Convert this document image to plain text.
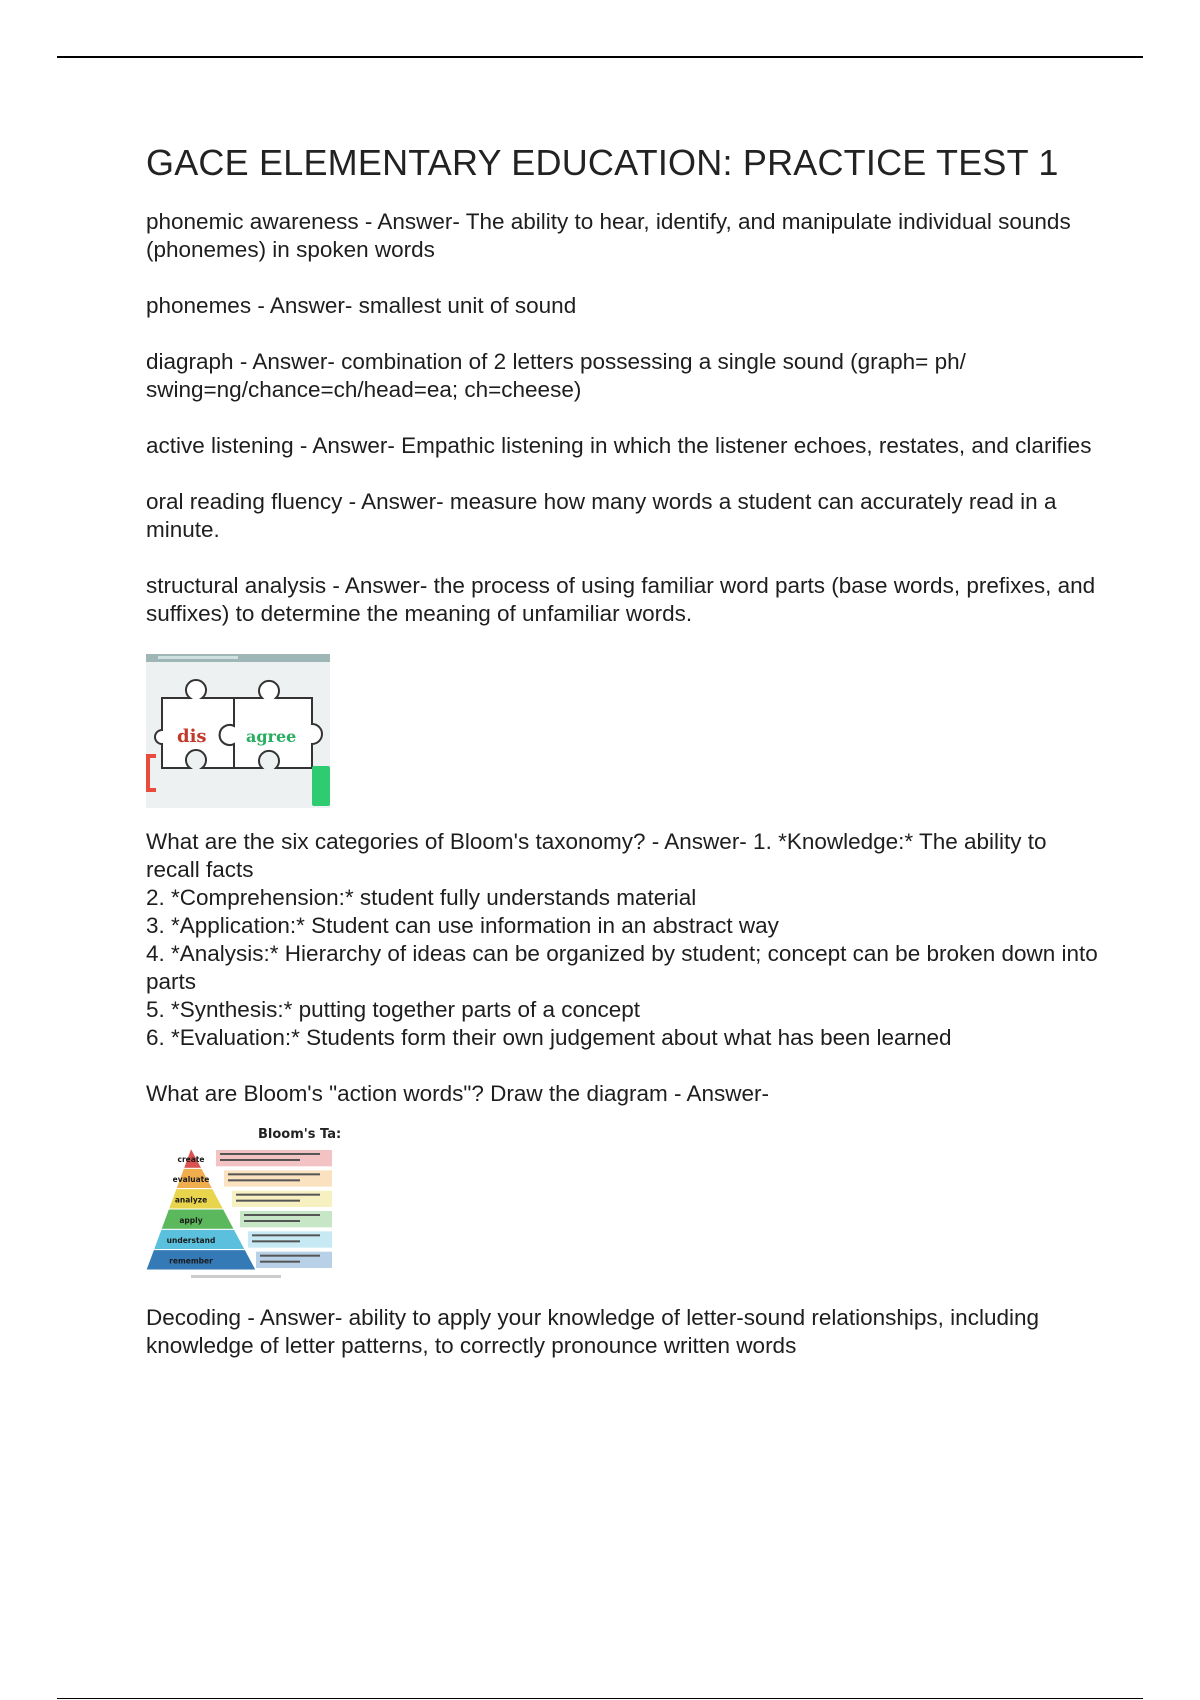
GACE ELEMENTARY EDUCATION: PRACTICE TEST 1

phonemic awareness - Answer- The ability to hear, identify, and manipulate individual sounds (phonemes) in spoken words

phonemes - Answer- smallest unit of sound

diagraph - Answer- combination of 2 letters possessing a single sound (graph= ph/ swing=ng/chance=ch/head=ea; ch=cheese)

active listening - Answer- Empathic listening in which the listener echoes, restates, and clarifies

oral reading fluency - Answer- measure how many words a student can accurately read in a minute.

structural analysis - Answer- the process of using familiar word parts (base words, prefixes, and suffixes) to determine the meaning of unfamiliar words.

dis agree

What are the six categories of Bloom's taxonomy? - Answer- 1. *Knowledge:* The ability to recall facts
2. *Comprehension:* student fully understands material
3. *Application:* Student can use information in an abstract way
4. *Analysis:* Hierarchy of ideas can be organized by student; concept can be broken down into parts
5. *Synthesis:* putting together parts of a concept
6. *Evaluation:* Students form their own judgement about what has been learned

What are Bloom's "action words"? Draw the diagram - Answer-

Bloom's Ta:
create
evaluate
analyze
apply
understand
remember

Decoding - Answer- ability to apply your knowledge of letter-sound relationships, including knowledge of letter patterns, to correctly pronounce written words
